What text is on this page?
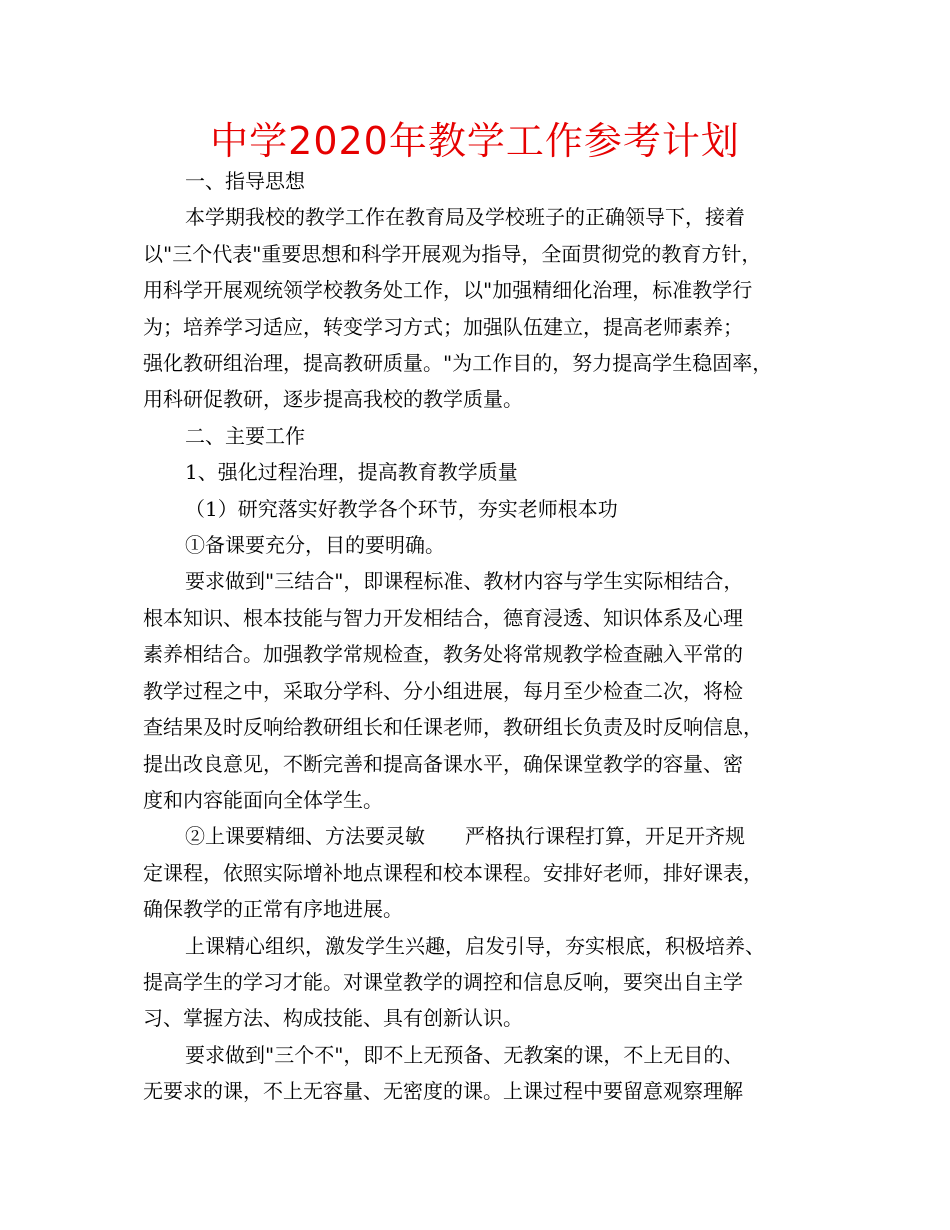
中学2020年教学工作参考计划

一、指导思想

本学期我校的教学工作在教育局及学校班子的正确领导下，接着

以"三个代表"重要思想和科学开展观为指导，全面贯彻党的教育方针，

用科学开展观统领学校教务处工作，以"加强精细化治理，标准教学行

为；培养学习适应，转变学习方式；加强队伍建立，提高老师素养；

强化教研组治理，提高教研质量。"为工作目的，努力提高学生稳固率，

用科研促教研，逐步提高我校的教学质量。

二、主要工作

1、强化过程治理，提高教育教学质量

（1）研究落实好教学各个环节，夯实老师根本功

①备课要充分，目的要明确。

要求做到"三结合"，即课程标准、教材内容与学生实际相结合，

根本知识、根本技能与智力开发相结合，德育浸透、知识体系及心理

素养相结合。加强教学常规检查，教务处将常规教学检查融入平常的

教学过程之中，采取分学科、分小组进展，每月至少检查二次，将检

查结果及时反响给教研组长和任课老师，教研组长负责及时反响信息，

提出改良意见，不断完善和提高备课水平，确保课堂教学的容量、密

度和内容能面向全体学生。

②上课要精细、方法要灵敏　　严格执行课程打算，开足开齐规

定课程，依照实际增补地点课程和校本课程。安排好老师，排好课表，

确保教学的正常有序地进展。

上课精心组织，激发学生兴趣，启发引导，夯实根底，积极培养、

提高学生的学习才能。对课堂教学的调控和信息反响，要突出自主学

习、掌握方法、构成技能、具有创新认识。

要求做到"三个不"，即不上无预备、无教案的课，不上无目的、

无要求的课，不上无容量、无密度的课。上课过程中要留意观察理解
